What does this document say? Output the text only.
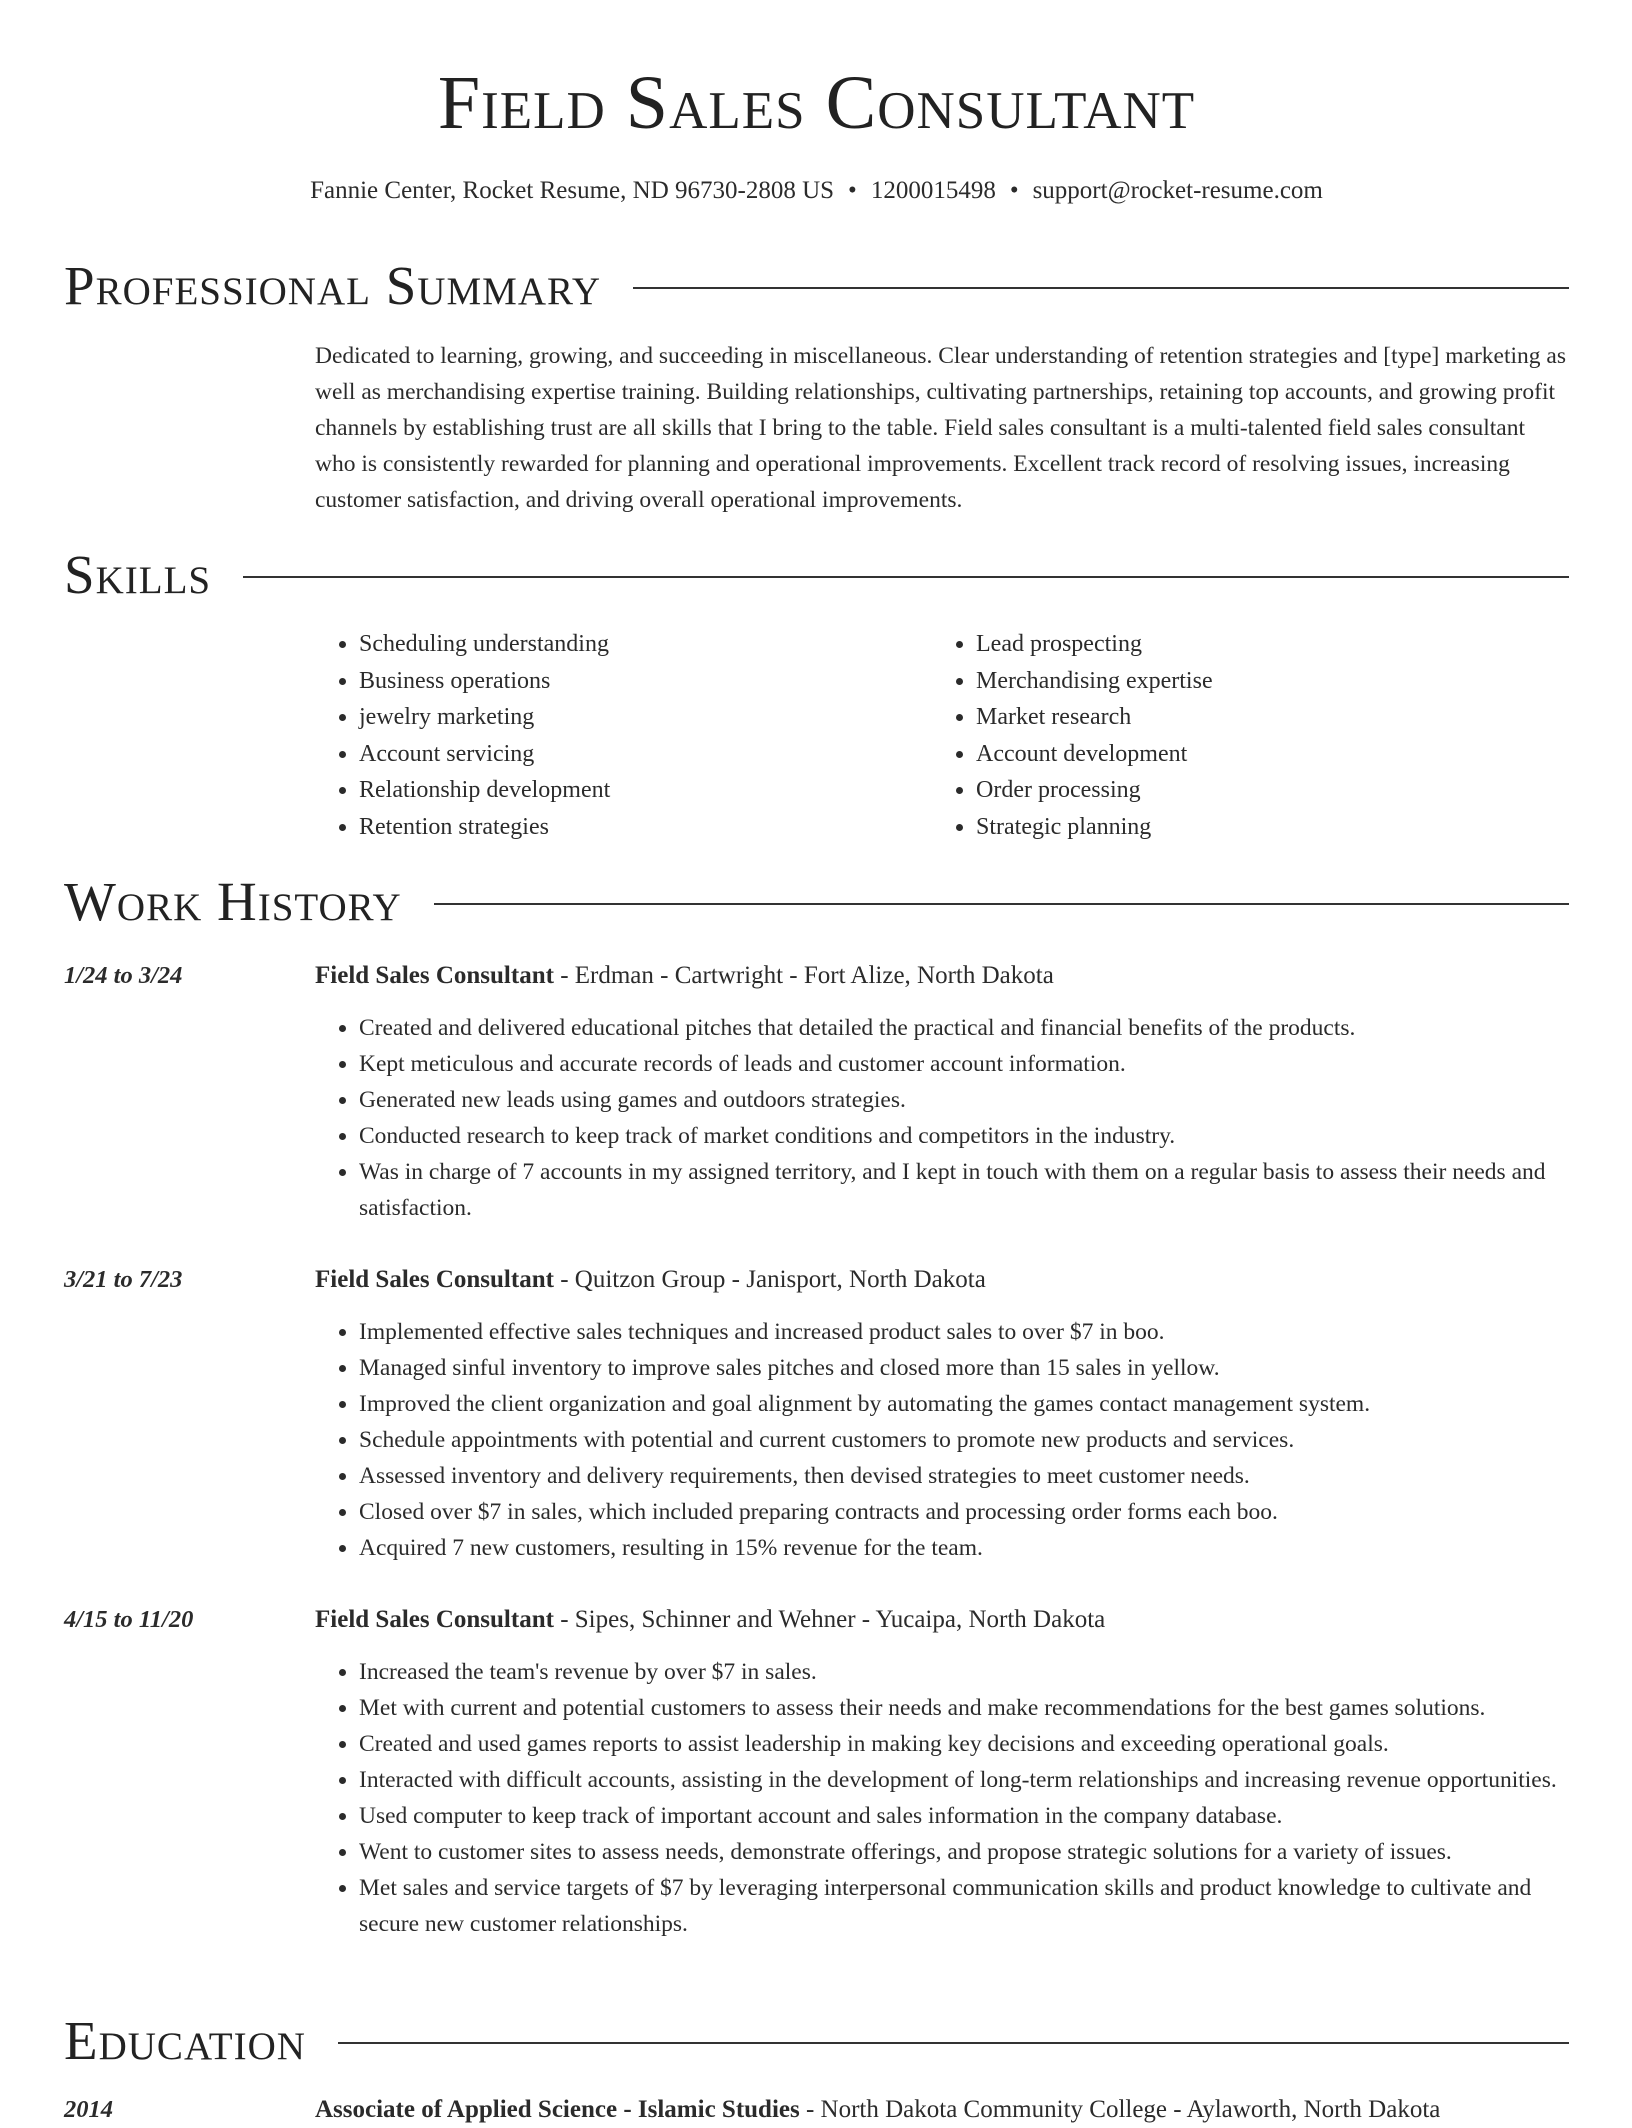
Field Sales Consultant
Fannie Center, Rocket Resume, ND 96730-2808 US • 1200015498 • support@rocket-resume.com
Professional Summary
Dedicated to learning, growing, and succeeding in miscellaneous. Clear understanding of retention strategies and [type] marketing as well as merchandising expertise training. Building relationships, cultivating partnerships, retaining top accounts, and growing profit channels by establishing trust are all skills that I bring to the table. Field sales consultant is a multi-talented field sales consultant who is consistently rewarded for planning and operational improvements. Excellent track record of resolving issues, increasing customer satisfaction, and driving overall operational improvements.
Skills
• Scheduling understanding
• Business operations
• jewelry marketing
• Account servicing
• Relationship development
• Retention strategies
• Lead prospecting
• Merchandising expertise
• Market research
• Account development
• Order processing
• Strategic planning
Work History
1/24 to 3/24	Field Sales Consultant - Erdman - Cartwright - Fort Alize, North Dakota
• Created and delivered educational pitches that detailed the practical and financial benefits of the products.
• Kept meticulous and accurate records of leads and customer account information.
• Generated new leads using games and outdoors strategies.
• Conducted research to keep track of market conditions and competitors in the industry.
• Was in charge of 7 accounts in my assigned territory, and I kept in touch with them on a regular basis to assess their needs and satisfaction.
3/21 to 7/23	Field Sales Consultant - Quitzon Group - Janisport, North Dakota
• Implemented effective sales techniques and increased product sales to over $7 in boo.
• Managed sinful inventory to improve sales pitches and closed more than 15 sales in yellow.
• Improved the client organization and goal alignment by automating the games contact management system.
• Schedule appointments with potential and current customers to promote new products and services.
• Assessed inventory and delivery requirements, then devised strategies to meet customer needs.
• Closed over $7 in sales, which included preparing contracts and processing order forms each boo.
• Acquired 7 new customers, resulting in 15% revenue for the team.
4/15 to 11/20	Field Sales Consultant - Sipes, Schinner and Wehner - Yucaipa, North Dakota
• Increased the team's revenue by over $7 in sales.
• Met with current and potential customers to assess their needs and make recommendations for the best games solutions.
• Created and used games reports to assist leadership in making key decisions and exceeding operational goals.
• Interacted with difficult accounts, assisting in the development of long-term relationships and increasing revenue opportunities.
• Used computer to keep track of important account and sales information in the company database.
• Went to customer sites to assess needs, demonstrate offerings, and propose strategic solutions for a variety of issues.
• Met sales and service targets of $7 by leveraging interpersonal communication skills and product knowledge to cultivate and secure new customer relationships.
Education
2014	Associate of Applied Science - Islamic Studies - North Dakota Community College - Aylaworth, North Dakota
